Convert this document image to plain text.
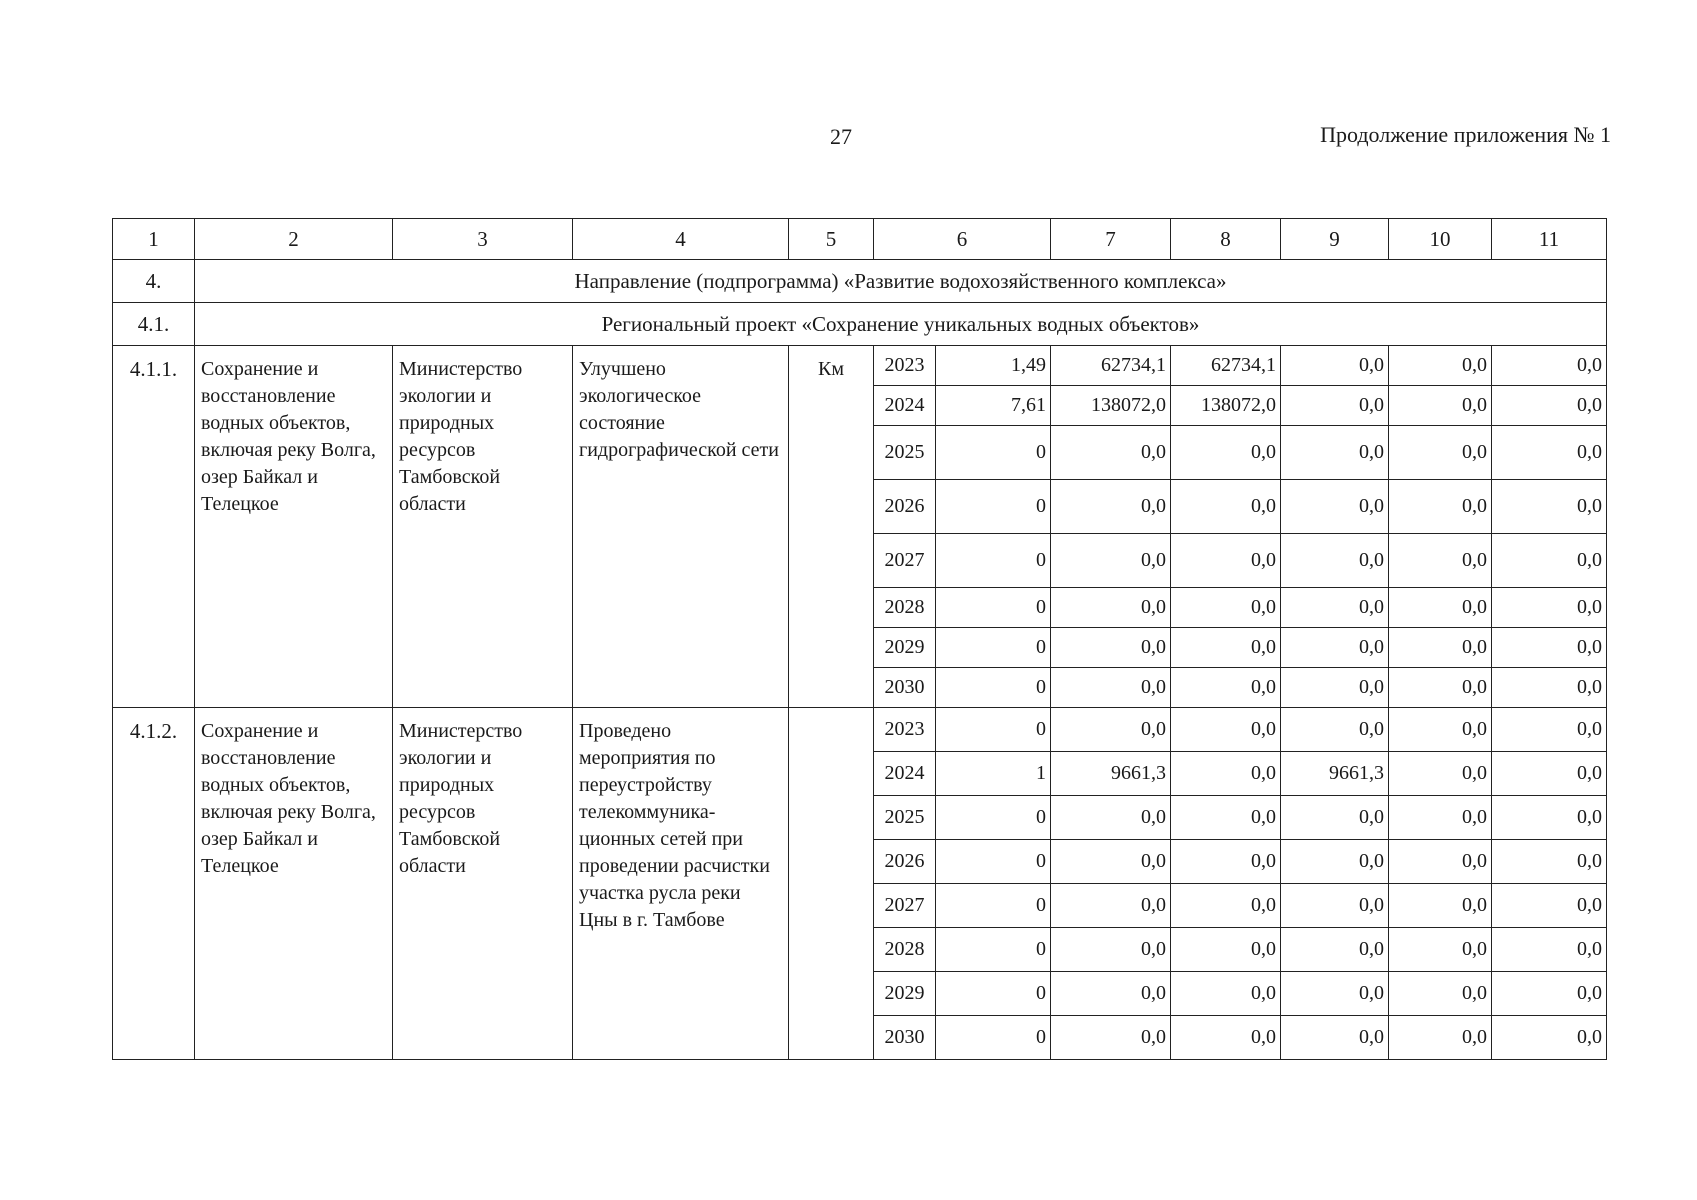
27	Продолжение приложения № 1
1	2	3	4	5	6		7	8	9	10	11
4.	Направление (подпрограмма) «Развитие водохозяйственного комплекса»										
4.1.	Региональный проект «Сохранение уникальных водных объектов»										
4.1.1.	Сохранение и восстановление водных объектов, включая реку Волга, озер Байкал и Телецкое	Министерство экологии и природных ресурсов Тамбовской области	Улучшено экологическое состояние гидрографической сети	Км	2023	1,49	62734,1	62734,1	0,0	0,0	0,0
					2024	7,61	138072,0	138072,0	0,0	0,0	0,0
					2025	0	0,0	0,0	0,0	0,0	0,0
					2026	0	0,0	0,0	0,0	0,0	0,0
					2027	0	0,0	0,0	0,0	0,0	0,0
					2028	0	0,0	0,0	0,0	0,0	0,0
					2029	0	0,0	0,0	0,0	0,0	0,0
					2030	0	0,0	0,0	0,0	0,0	0,0
4.1.2.	Сохранение и восстановление водных объектов, включая реку Волга, озер Байкал и Телецкое	Министерство экологии и природных ресурсов Тамбовской области	Проведено мероприятия по переустройству телекоммуника-ционных сетей при проведении расчистки участка русла реки Цны в г. Тамбове		2023	0	0,0	0,0	0,0	0,0	0,0
					2024	1	9661,3	0,0	9661,3	0,0	0,0
					2025	0	0,0	0,0	0,0	0,0	0,0
					2026	0	0,0	0,0	0,0	0,0	0,0
					2027	0	0,0	0,0	0,0	0,0	0,0
					2028	0	0,0	0,0	0,0	0,0	0,0
					2029	0	0,0	0,0	0,0	0,0	0,0
					2030	0	0,0	0,0	0,0	0,0	0,0
